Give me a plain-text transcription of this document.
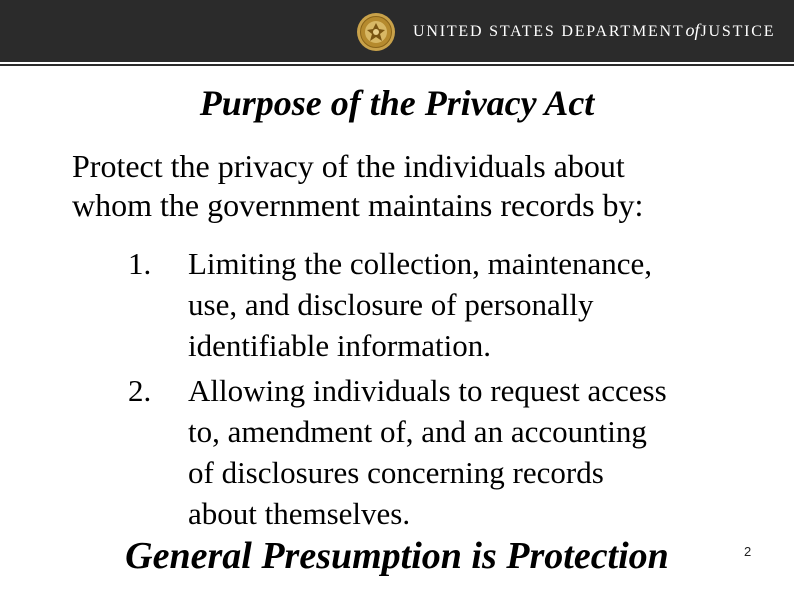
UNITED STATES DEPARTMENTofJUSTICE
Purpose of the Privacy Act

Protect the privacy of the individuals about
whom the government maintains records by:

1. Limiting the collection, maintenance,
use, and disclosure of personally
identifiable information.
2. Allowing individuals to request access
to, amendment of, and an accounting
of disclosures concerning records
about themselves.

General Presumption is Protection	2
